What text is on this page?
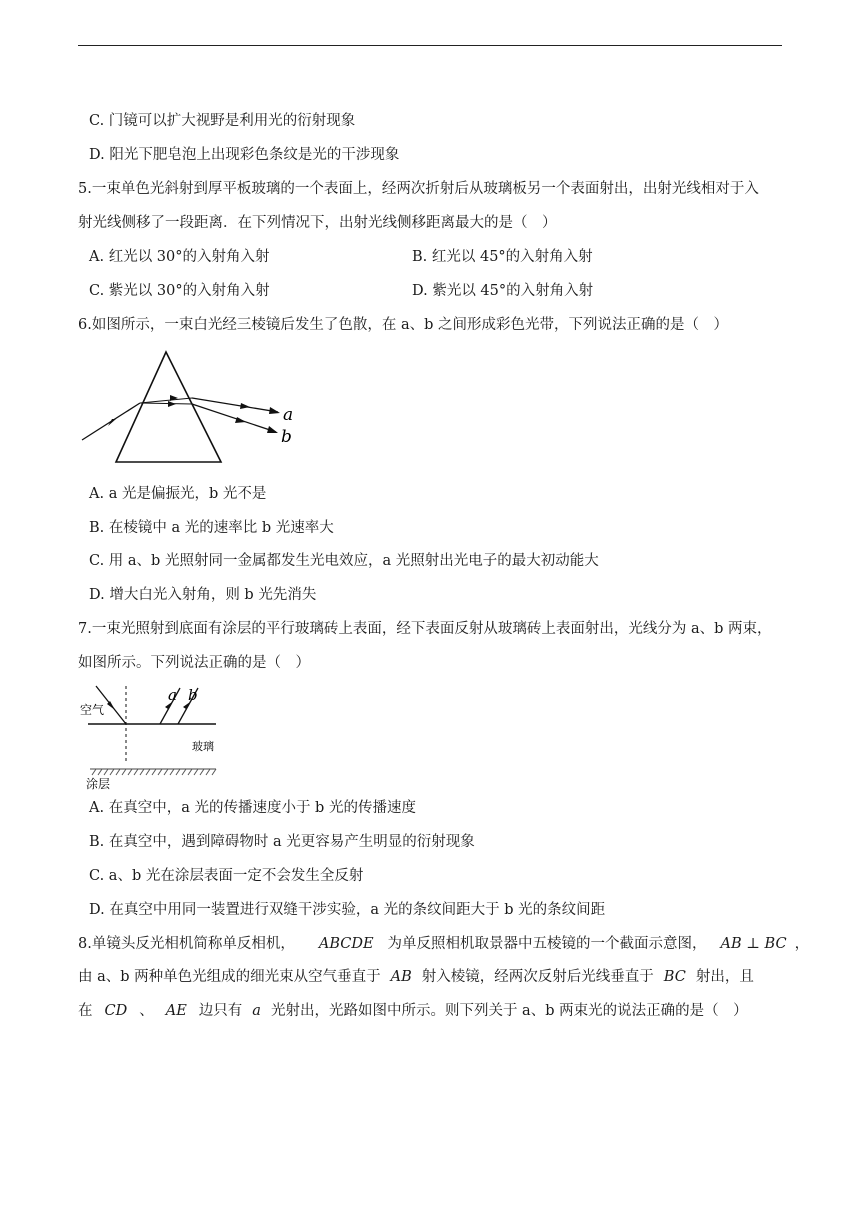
C. 门镜可以扩大视野是利用光的衍射现象
D. 阳光下肥皂泡上出现彩色条纹是光的干涉现象
5.一束单色光斜射到厚平板玻璃的一个表面上，经两次折射后从玻璃板另一个表面射出，出射光线相对于入
射光线侧移了一段距离．在下列情况下，出射光线侧移距离最大的是（　）
A. 红光以 30°的入射角入射	B. 红光以 45°的入射角入射
C. 紫光以 30°的入射角入射	D. 紫光以 45°的入射角入射
6.如图所示，一束白光经三棱镜后发生了色散，在 a、b 之间形成彩色光带，下列说法正确的是（　）
a
b
A. a 光是偏振光，b 光不是
B. 在棱镜中 a 光的速率比 b 光速率大
C. 用 a、b 光照射同一金属都发生光电效应，a 光照射出光电子的最大初动能大
D. 增大白光入射角，则 b 光先消失
7.一束光照射到底面有涂层的平行玻璃砖上表面，经下表面反射从玻璃砖上表面射出，光线分为 a、b 两束，
如图所示。下列说法正确的是（　）
a b
空气
玻璃
涂层
A. 在真空中，a 光的传播速度小于 b 光的传播速度
B. 在真空中，遇到障碍物时 a 光更容易产生明显的衍射现象
C. a、b 光在涂层表面一定不会发生全反射
D. 在真空中用同一装置进行双缝干涉实验，a 光的条纹间距大于 b 光的条纹间距
8.单镜头反光相机简称单反相机， ABCDE 为单反照相机取景器中五棱镜的一个截面示意图， AB ⊥ BC ，
由 a、b 两种单色光组成的细光束从空气垂直于 AB 射入棱镜，经两次反射后光线垂直于 BC 射出，且
在 CD 、 AE 边只有 a 光射出，光路如图中所示。则下列关于 a、b 两束光的说法正确的是（　）
